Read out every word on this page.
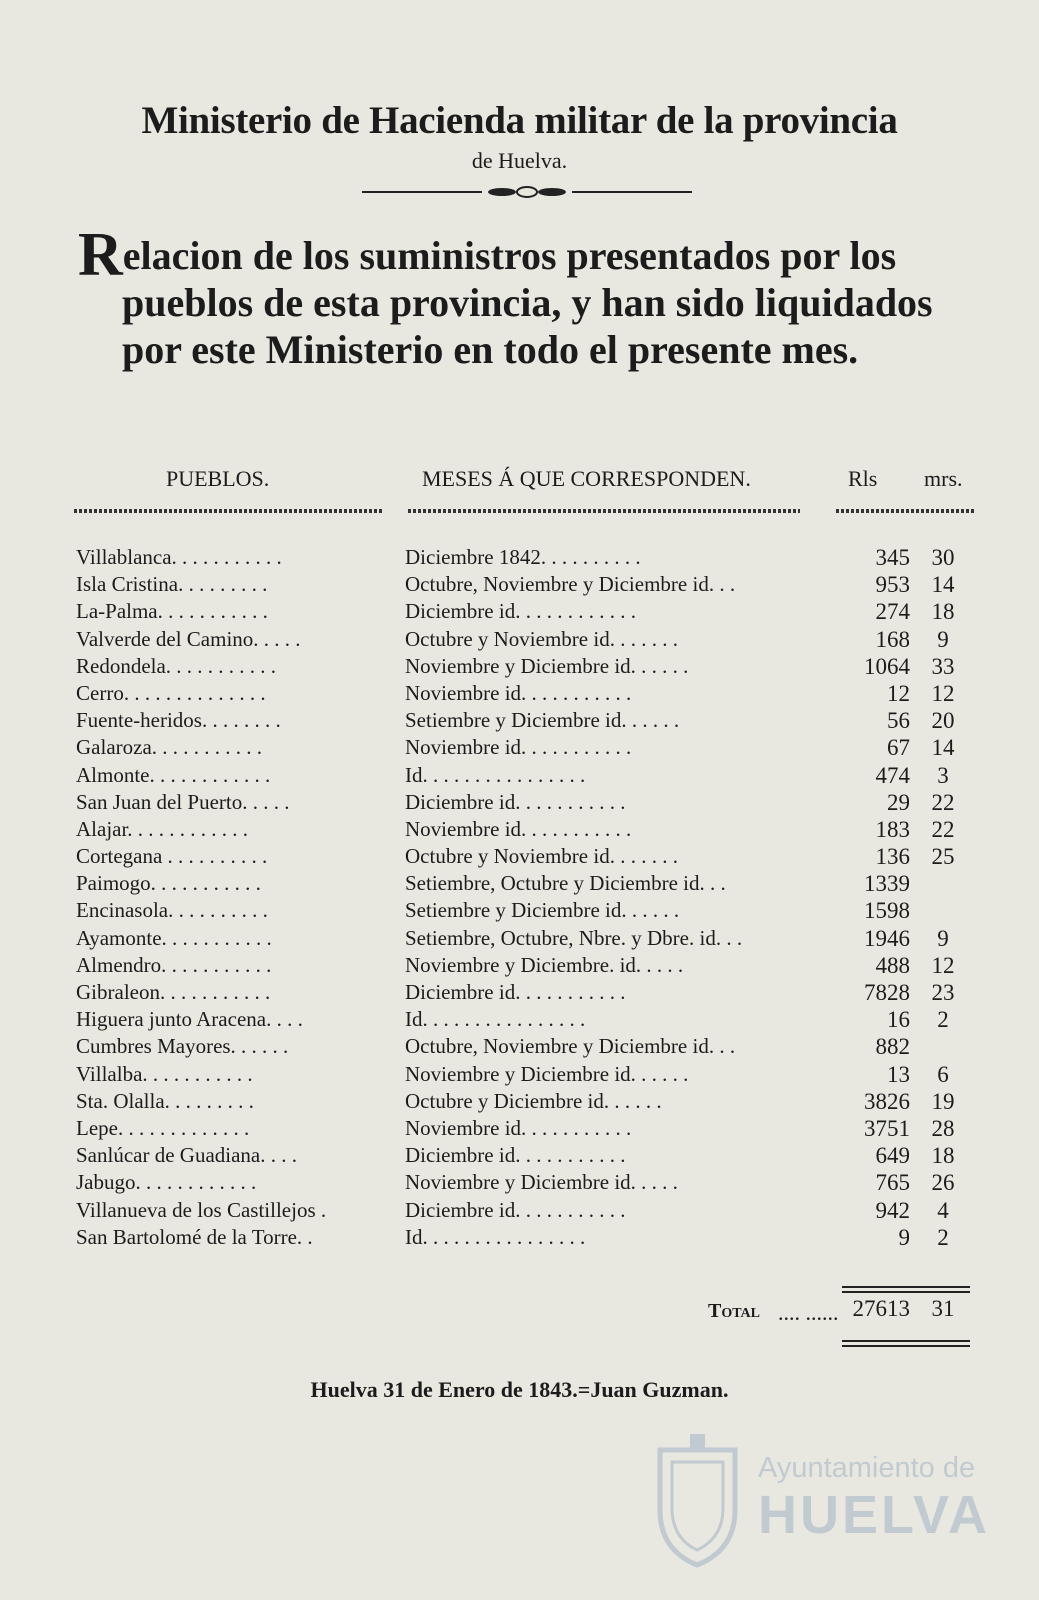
Ministerio de Hacienda militar de la provincia
de Huelva.
R elacion de los suministros presentados por los
pueblos de esta provincia, y han sido liquidados
por este Ministerio en todo el presente mes.
PUEBLOS.	MESES Á QUE CORRESPONDEN.	Rls mrs.
Villablanca. . . . . . . . . . .	Diciembre 1842. . . . . . . . . .	345 30
Isla Cristina. . . . . . . . .	Octubre, Noviembre y Diciembre id. . .	953 14
La-Palma. . . . . . . . . . .	Diciembre id. . . . . . . . . . . .	274 18
Valverde del Camino. . . . .	Octubre y Noviembre id. . . . . . .	168	9
Redondela. . . . . . . . . . .	Noviembre y Diciembre id. . . . . .	1064 33
Cerro. . . . . . . . . . . . . .	Noviembre id. . . . . . . . . . .	12 12
Fuente-heridos. . . . . . . .	Setiembre y Diciembre id. . . . . .	56 20
Galaroza. . . . . . . . . . .	Noviembre id. . . . . . . . . . .	67 14
Almonte. . . . . . . . . . . .	Id. . . . . . . . . . . . . . . .	474	3
San Juan del Puerto. . . . .	Diciembre id. . . . . . . . . . .	29 22
Alajar. . . . . . . . . . . .	Noviembre id. . . . . . . . . . .	183 22
Cortegana . . . . . . . . . .	Octubre y Noviembre id. . . . . . .	136 25
Paimogo. . . . . . . . . . .	Setiembre, Octubre y Diciembre id. . .	1339
Encinasola. . . . . . . . . .	Setiembre y Diciembre id. . . . . .	1598
Ayamonte. . . . . . . . . . .	Setiembre, Octubre, Nbre. y Dbre. id. . .	1946	9
Almendro. . . . . . . . . . .	Noviembre y Diciembre. id. . . . .	488 12
Gibraleon. . . . . . . . . . .	Diciembre id. . . . . . . . . . .	7828 23
Higuera junto Aracena. . . .	Id. . . . . . . . . . . . . . . .	16	2
Cumbres Mayores. . . . . .	Octubre, Noviembre y Diciembre id. . .	882
Villalba. . . . . . . . . . .	Noviembre y Diciembre id. . . . . .	13	6
Sta. Olalla. . . . . . . . .	Octubre y Diciembre id. . . . . .	3826 19
Lepe. . . . . . . . . . . . .	Noviembre id. . . . . . . . . . .	3751 28
Sanlúcar de Guadiana. . . .	Diciembre id. . . . . . . . . . .	649 18
Jabugo. . . . . . . . . . . .	Noviembre y Diciembre id. . . . .	765 26
Villanueva de los Castillejos .	Diciembre id. . . . . . . . . . .	942	4
San Bartolomé de la Torre. .	Id. . . . . . . . . . . . . . . .	9	2
Total .... ...... 27613 31
Huelva 31 de Enero de 1843.=Juan Guzman.
Ayuntamiento de
HUELVA
